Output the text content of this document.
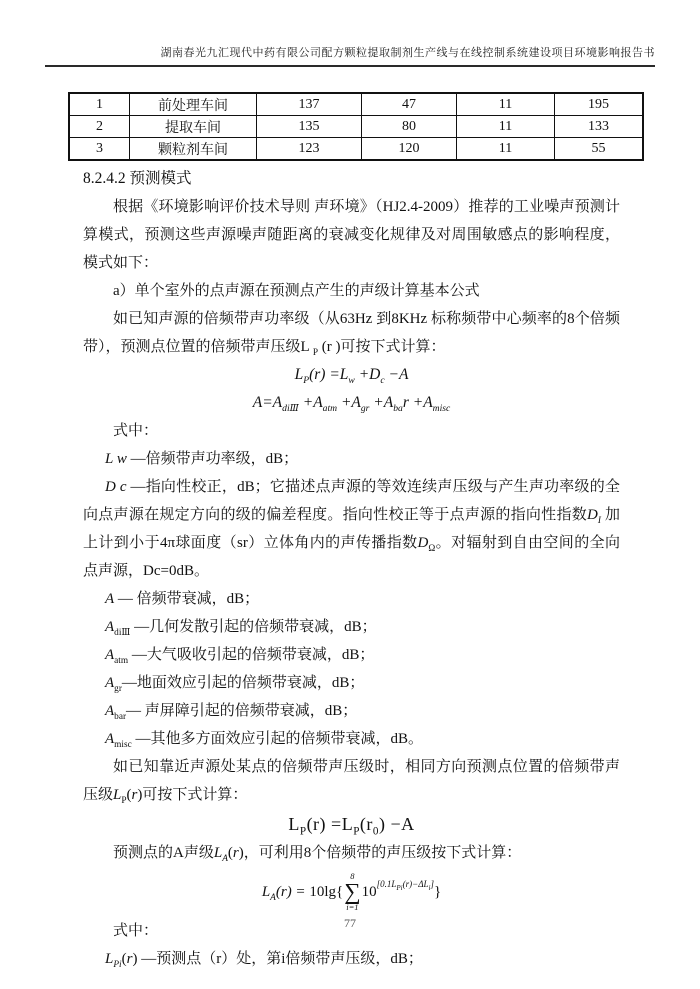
湖南春光九汇现代中药有限公司配方颗粒提取制剂生产线与在线控制系统建设项目环境影响报告书
1	前处理车间	137	47	11	195
2	提取车间	135	80	11	133
3	颗粒剂车间	123	120	11	55
8.2.4.2 预测模式

根据《环境影响评价技术导则 声环境》（HJ2.4-2009）推荐的工业噪声预测计算模式，预测这些声源噪声随距离的衰减变化规律及对周围敏感点的影响程度，模式如下：

a）单个室外的点声源在预测点产生的声级计算基本公式

如已知声源的倍频带声功率级（从63Hz 到8KHz 标称频带中心频率的8个倍频带），预测点位置的倍频带声压级L $_P$ (r )可按下式计算：

$L_P(r) =L_w +D_c -A$
$A=A_{diⅢ} +A_{atm} +A_{gr} +A_{ba}r +A_{misc}$

式中：

L w —倍频带声功率级，dB；

D c —指向性校正，dB；它描述点声源的等效连续声压级与产生声功率级的全向点声源在规定方向的级的偏差程度。指向性校正等于点声源的指向性指数$D_I$ 加上计到小于4π球面度（sr）立体角内的声传播指数$D_\Omega$。对辐射到自由空间的全向点声源，Dc=0dB。

A — 倍频带衰减，dB；

$A_{diⅢ}$ —几何发散引起的倍频带衰减，dB；

$A_{atm}$ —大气吸收引起的倍频带衰减，dB；

$A_{gr}—$地面效应引起的倍频带衰减，dB；

$A_{bar}—$ 声屏障引起的倍频带衰减，dB；

$A_{misc}$ —其他多方面效应引起的倍频带衰减，dB。

如已知靠近声源处某点的倍频带声压级时，相同方向预测点位置的倍频带声压级$L_P(r)$可按下式计算：

$L_P(r) =L_P(r_0) -A$

预测点的A声级$L_A(r)$，可利用8个倍频带的声压级按下式计算：

$L_A(r) = 10\lg${
8
∑
i=1
10[0.1LPi(r)−ΔLi]}

式中：

$L_{Pi}(r)$ —预测点（r）处，第i倍频带声压级，dB；

77
